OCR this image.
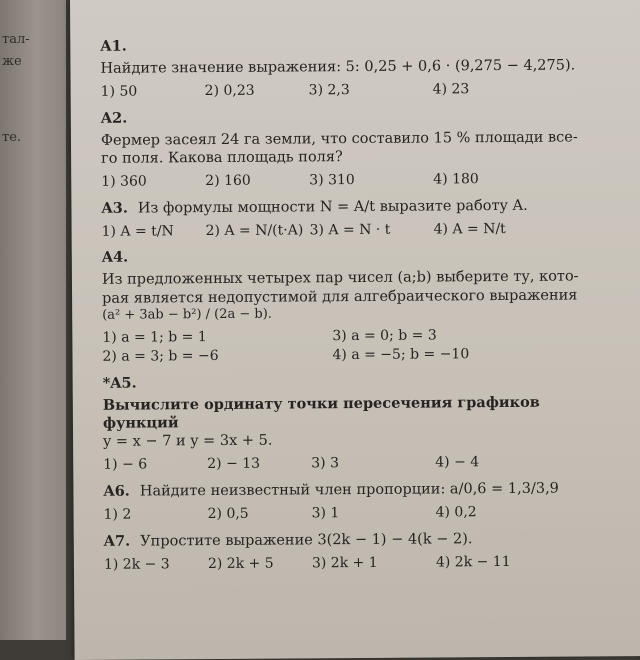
тал-
же
те.
A1.
Найдите значение выражения: 5: 0,25 + 0,6 · (9,275 − 4,275).
1) 50	2) 0,23	3) 2,3	4) 23
A2.
Фермер засеял 24 га земли, что составило 15 % площади все-
го поля. Какова площадь поля?
1) 360	2) 160	3) 310	4) 180
A3. Из формулы мощности N = A/t выразите работу A.
1) A = t/N	2) A = N/(t·A) 3) A = N · t	4) A = N/t
A4.
Из предложенных четырех пар чисел (a;b) выберите ту, кото-
рая является недопустимой для алгебраического выражения
(a² + 3ab − b²) / (2a − b).
1) a = 1; b = 1	3) a = 0; b = 3
2) a = 3; b = −6	4) a = −5; b = −10
*A5.
Вычислите ординату точки пересечения графиков функций
y = x − 7 и y = 3x + 5.
1) − 6	2) − 13	3) 3	4) − 4
A6. Найдите неизвестный член пропорции: a/0,6 = 1,3/3,9
1) 2	2) 0,5	3) 1	4) 0,2
A7. Упростите выражение 3(2k − 1) − 4(k − 2).
1) 2k − 3	2) 2k + 5	3) 2k + 1	4) 2k − 11
